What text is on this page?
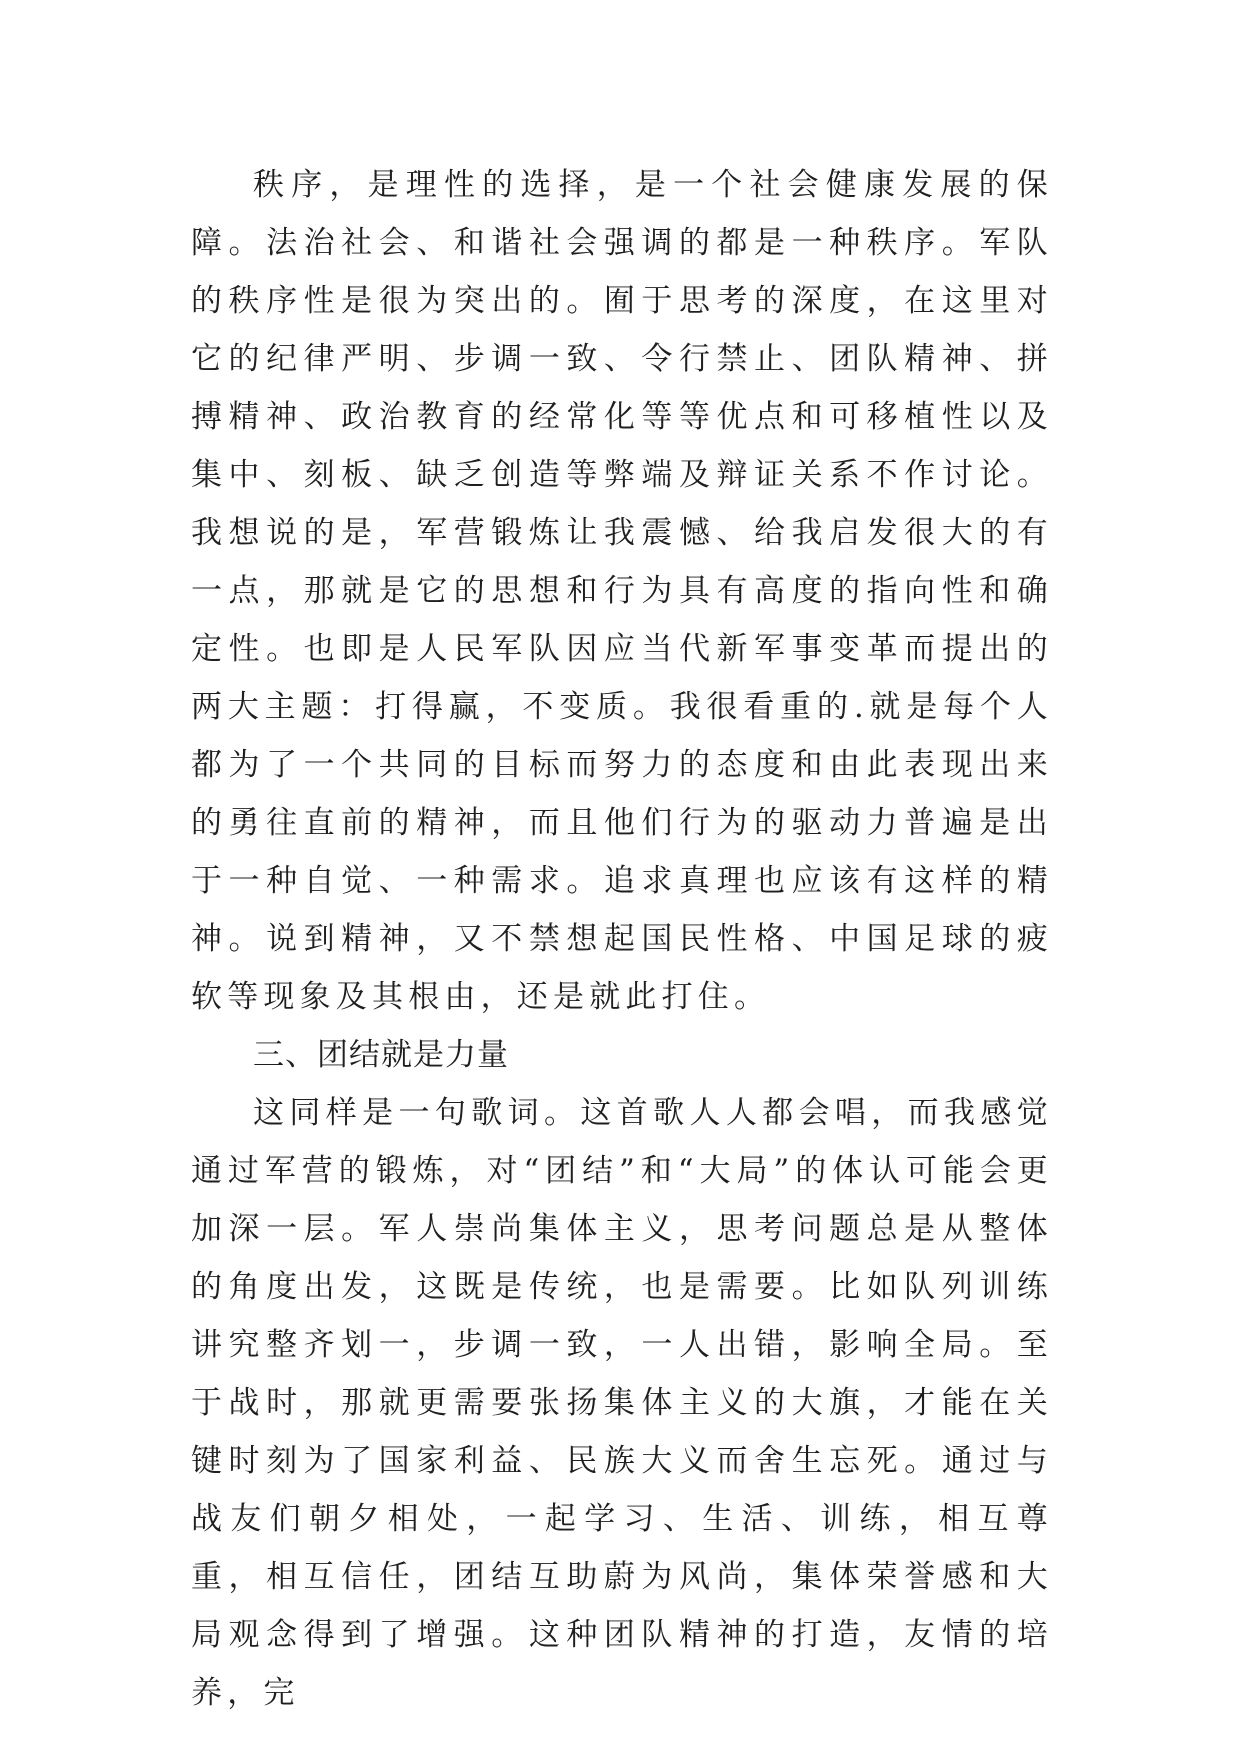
秩序，是理性的选择，是一个社会健康发展的保障。法治社会、和谐社会强调的都是一种秩序。军队的秩序性是很为突出的。囿于思考的深度，在这里对它的纪律严明、步调一致、令行禁止、团队精神、拼搏精神、政治教育的经常化等等优点和可移植性以及集中、刻板、缺乏创造等弊端及辩证关系不作讨论。我想说的是，军营锻炼让我震憾、给我启发很大的有一点，那就是它的思想和行为具有高度的指向性和确定性。也即是人民军队因应当代新军事变革而提出的两大主题：打得赢，不变质。我很看重的.就是每个人都为了一个共同的目标而努力的态度和由此表现出来的勇往直前的精神，而且他们行为的驱动力普遍是出于一种自觉、一种需求。追求真理也应该有这样的精神。说到精神，又不禁想起国民性格、中国足球的疲软等现象及其根由，还是就此打住。

三、团结就是力量

这同样是一句歌词。这首歌人人都会唱，而我感觉通过军营的锻炼，对“团结”和“大局”的体认可能会更加深一层。军人崇尚集体主义，思考问题总是从整体的角度出发，这既是传统，也是需要。比如队列训练讲究整齐划一，步调一致，一人出错，影响全局。至于战时，那就更需要张扬集体主义的大旗，才能在关键时刻为了国家利益、民族大义而舍生忘死。通过与战友们朝夕相处，一起学习、生活、训练，相互尊重，相互信任，团结互助蔚为风尚，集体荣誉感和大局观念得到了增强。这种团队精神的打造，友情的培养，完
